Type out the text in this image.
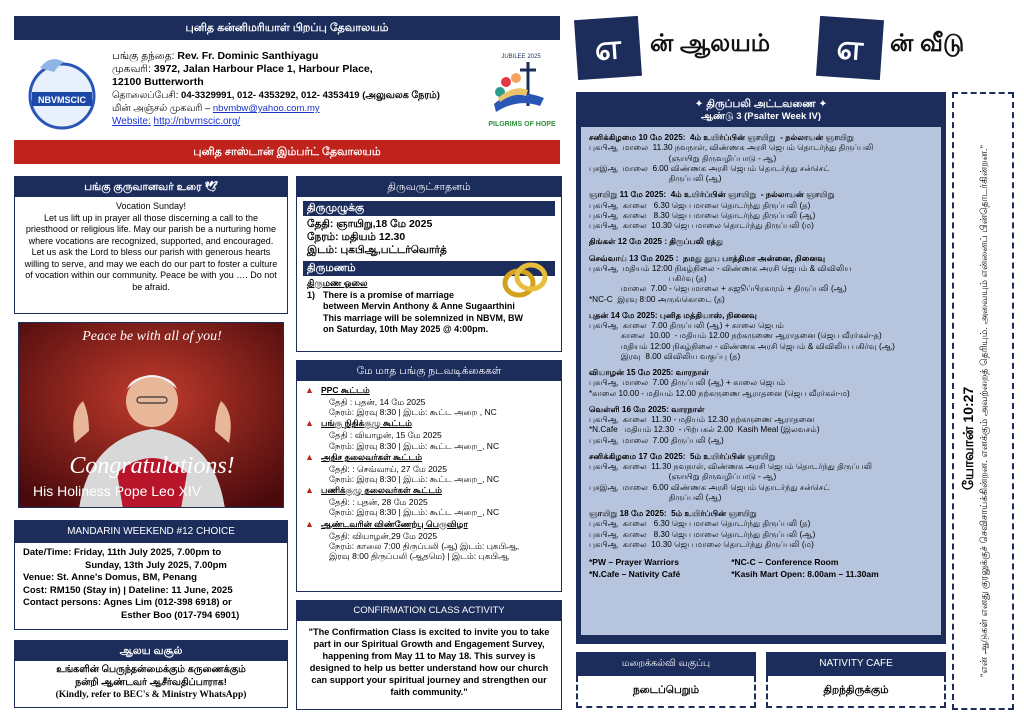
புனித கன்னிமரியாள் பிறப்பு தேவாலயம்
NBVMSCIC
பங்கு தந்தை: Rev. Fr. Dominic Santhiyagu
முகவரி: 3972, Jalan Harbour Place 1, Harbour Place,
12100 Butterworth
தொலைப்பேசி: 04-3329991, 012- 4353292, 012- 4353419 (அலுவலக நேரம்)
மின் அஞ்சல் முகவரி – nbvmbw@yahoo.com.my
Website: http://nbvmscic.org/
JUBILEE 2025
PILGRIMS OF HOPE
புனித சாஸ்டான் இம்பர்ட் தேவாலயம்
பங்கு குருவானவர் உரை 🕊
Vocation Sunday!
Let us lift up in prayer all those discerning a call to the priesthood or religious life. May our parish be a nurturing home where vocations are recognized, supported, and encouraged. Let us ask the Lord to bless our parish with generous hearts willing to serve, and may we each do our part to foster a culture of vocation within our community. Peace be with you …. Do not be afraid.
Peace be with all of you!
Congratulations!
His Holiness Pope Leo XIV
MANDARIN WEEKEND #12 CHOICE
Date/Time: Friday, 11th July 2025, 7.00pm to
Sunday, 13th July 2025, 7.00pm
Venue: St. Anne's Domus, BM, Penang
Cost: RM150 (Stay in) | Dateline: 11 June, 2025
Contact persons: Agnes Lim (012-398 6918) or
Esther Boo (017-794 6901)
ஆலய வசூல்
உங்களின் பெருந்தன்மைக்கும் கருணைக்கும்
நன்றி ஆண்டவர் ஆசீர்வதிப்பாராக!
(Kindly, refer to BEC's & Ministry WhatsApp)
திருவருட்சாதனம்
திருமுழுக்கு
தேதி: ஞாயிறு,18 மே 2025
நேரம்: மதியம் 12.30
இடம்: புகபிஆ,பட்டர்வொர்த்
திருமணம்
திருமண ஓலை
1) There is a promise of marriage
between Mervin Anthony & Anne Sugaarthini
This marriage will be solemnized in NBVM, BW
on Saturday, 10th May 2025 @ 4:00pm.
மே மாத பங்கு நடவடிக்கைகள்
▲ PPC கூட்டம்
தேதி : புதன், 14 மே 2025
நேரம்: இரவு 8:30 | இடம்: கூட்ட அறை , NC
▲ பங்கு நிதிக்குழு கூட்டம்
தேதி : வியாழன், 15 மே 2025
நேரம்: இரவு 8:30 | இடம்: கூட்ட அறை_, NC
▲ அதிச தலைவர்கள் கூட்டம்
தேதி: : செவ்வாய், 27 மே 2025
நேரம்: இரவு 8:30 | இடம்: கூட்ட அறை_, NC
▲ பணிக்குழு தலைவர்கள் கூட்டம்
தேதி: : புதன், 28 மே 2025
நேரம்: இரவு 8:30 | இடம்: கூட்ட அறை_, NC
▲ ஆண்டவரின் விண்ணேற்பு பெருவிழா
தேதி: வியாழன்,29 மே 2025
நேரம்: காலை 7:00 திருப்பலி (ஆ) இடம்: புகபிஆ,
இரவு 8:00 திருப்பலி (ஆதமெ) | இடம்: புகபிஆ
CONFIRMATION CLASS ACTIVITY
"The Confirmation Class is excited to invite you to take part in our Spiritual Growth and Engagement Survey, happening from May 11 to May 18. This survey is designed to help us better understand how our church can support your spiritual journey and strengthen our faith community."
எ	ன் ஆலயம்	எ	ன் வீடு
✦ திருப்பலி அட்டவணை ✦
ஆண்டு 3 (Psalter Week IV)
சனிக்கிழமை 10 மே 2025:  4ம் உயிர்ப்பின் ஞாயிறு  - நல்லாயன் ஞாயிறு
புகபிஆ  மாலை  11.30 நவநாள், விண்ணக அரசி ஜெபம் தொடர்ந்து திருப்பலி
(ஞாயிறு திருவழிப்பாடு - ஆ)
புசஇஆ  மாலை  6.00 விண்ணக அரசி ஜெபம் தொடர்ந்து சன்செட்
திருப்பலி (ஆ)
ஞாயிறு 11 மே 2025:  4ம் உயிர்ப்பின் ஞாயிறு  - நல்லாயன் ஞாயிறு
புகபிஆ  காலை   6.30 ஜெப மாலை தொடர்ந்து திருப்பலி (த)
புகபிஆ  காலை   8.30 ஜெப மாலை தொடர்ந்து திருப்பலி (ஆ)
புகபிஆ  காலை  10.30 ஜெப மாலை தொடர்ந்து திருப்பலி (ம)
திங்கள் 12 மே 2025 : திருப்பலி ரத்து
செவ்வாய் 13 மே 2025 :  நமது தூய பாத்திமா அன்னை, நினைவு
புகபிஆ  மதியம் 12:00 நிகழ்நிலை - விண்ணக அரசி ஜெபம் & விவிலிய
பகிர்வு (த)
மாலை  7.00 - ஜெபமாலை + சுஜூப்பிரகாரம் + திருப்பலி (ஆ)
*NC-C  இரவு 8:00 அருங்கொடை (த)
புதன் 14 மே 2025: புனித மத்தியாஸ், நினைவு
புகபிஆ  காலை  7.00 திருப்பலி (ஆ) + காலை ஜெபம்
காலை  10.00  - மதியம் 12.00 நற்கருணை ஆராதனை (ஜெப வீரர்கள்-த)
மதியம் 12:00 நிகழ்நிலை - விண்ணக அரசி ஜெபம் & விவிலிய பகிர்வு (ஆ)
இரவு  8.00 விவிலிய வகுப்பு (த)
வியாழன் 15 மே 2025: வாரநாள்
புகபிஆ  மாலை  7.00 திருப்பலி (ஆ) + காலை ஜெபம்
*காலை 10.00 - மதியம் 12.00 நற்கருணை ஆராதனை (ஜெப வீரர்கள்-ம)
வெள்ளி 16 மே 2025: வாரநாள்
புகபிஆ  காலை  11.30 - மதியம் 12.30 நற்கருணை ஆராதனை
*N.Cafe   மதியம் 12.30  - பிற்பகல் 2.00  Kasih Meal (இலவசம்)
புகபிஆ  மாலை  7.00 திருப்பலி (ஆ)
சனிக்கிழமை 17 மே 2025:  5ம் உயிர்ப்பின் ஞாயிறு
புகபிஆ  காலை  11.30 நவநாள், விண்ணக அரசி ஜெபம் தொடர்ந்து திருப்பலி
(ஞாயிறு திருவழிப்பாடு - ஆ)
புசஇஆ  மாலை  6.00 விண்ணக அரசி ஜெபம் தொடர்ந்து சன்செட்
திருப்பலி (ஆ)
ஞாயிறு 18 மே 2025:  5ம் உயிர்ப்பின் ஞாயிறு
புகபிஆ  காலை   6.30 ஜெப மாலை தொடர்ந்து திருப்பலி (த)
புகபிஆ  காலை   8.30 ஜெப மாலை தொடர்ந்து திருப்பலி (ஆ)
புகபிஆ  காலை  10.30 ஜெப மாலை தொடர்ந்து திருப்பலி (ம)
*PW – Prayer Warriors	*NC-C – Conference Room
*N.Cafe – Nativity Café	*Kasih Mart Open: 8.00am – 11.30am
மறைக்கல்வி வகுப்பு
நடைப்பெறும்
NATIVITY CAFE
திறந்திருக்கும்
யோவான் 10:27 "என் ஆடுகள் எனது குரலுக்குச் செவிசாய்க்கின்றன. எனக்கும் அவற்றைத் தெரியும். அவையும் என்னைப் பின்தொடர்கின்றன."
